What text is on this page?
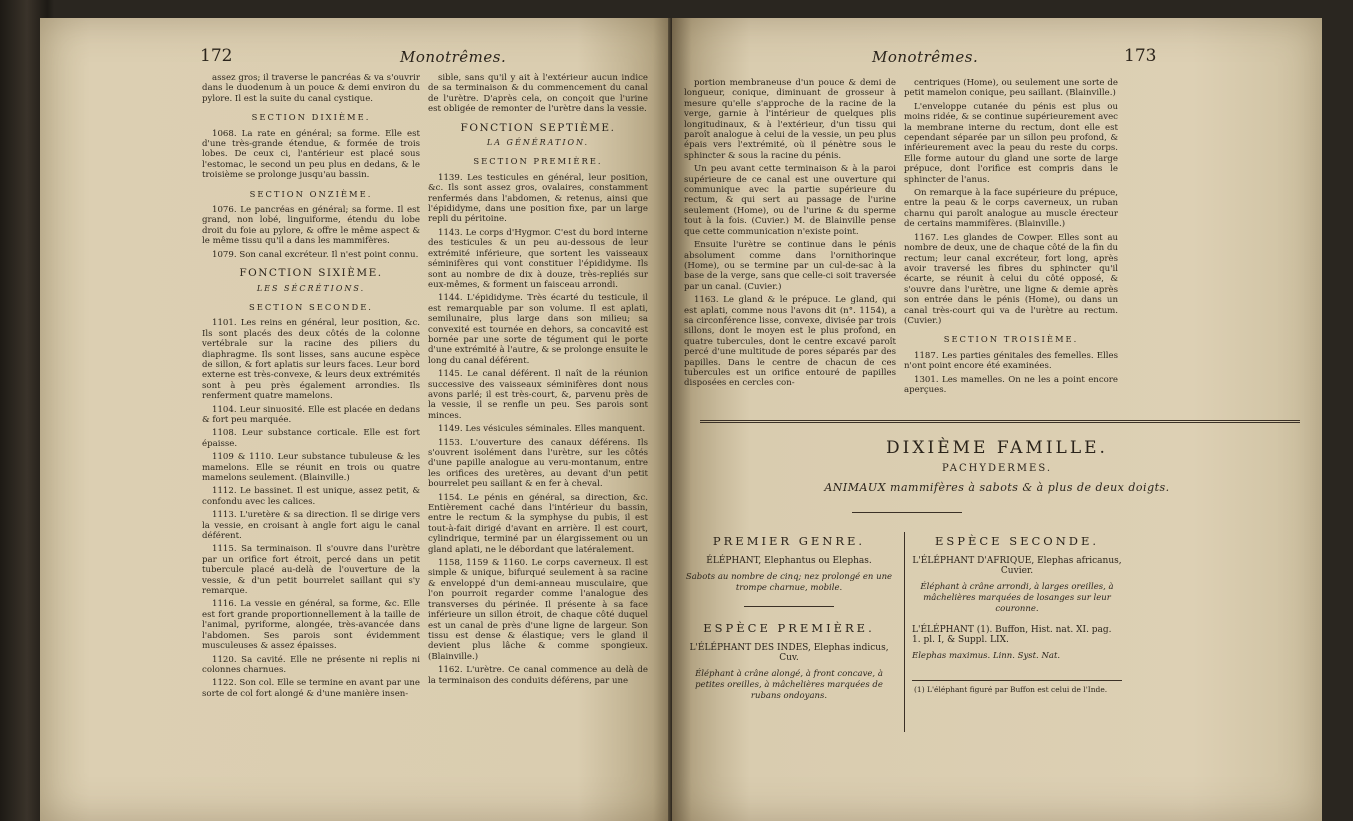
172	Monotrêmes.

assez gros; il traverse le pancréas & va s'ouvrir dans le duodenum à un pouce & demi environ du pylore. Il est la suite du canal cystique.

SECTION DIXIÈME.

1068. La rate en général; sa forme. Elle est d'une très-grande étendue, & formée de trois lobes. De ceux ci, l'antérieur est placé sous l'estomac, le second un peu plus en dedans, & le troisième se prolonge jusqu'au bassin.

SECTION ONZIÈME.

1076. Le pancréas en général; sa forme. Il est grand, non lobé, linguiforme, étendu du lobe droit du foie au pylore, & offre le même aspect & le même tissu qu'il a dans les mammifères.

1079. Son canal excréteur. Il n'est point connu.

FONCTION SIXIÈME.
LES SÉCRÉTIONS.
SECTION SECONDE.

1101. Les reins en général, leur position, &c. Ils sont placés des deux côtés de la colonne vertébrale sur la racine des piliers du diaphragme. Ils sont lisses, sans aucune espèce de sillon, & fort aplatis sur leurs faces. Leur bord externe est très-convexe, & leurs deux extrémités sont à peu près également arrondies. Ils renferment quatre mamelons.

1104. Leur sinuosité. Elle est placée en dedans & fort peu marquée.

1108. Leur substance corticale. Elle est fort épaisse.

1109 & 1110. Leur substance tubuleuse & les mamelons. Elle se réunit en trois ou quatre mamelons seulement. (Blainville.)

1112. Le bassinet. Il est unique, assez petit, & confondu avec les calices.

1113. L'uretère & sa direction. Il se dirige vers la vessie, en croisant à angle fort aigu le canal déférent.

1115. Sa terminaison. Il s'ouvre dans l'urètre par un orifice fort étroit, percé dans un petit tubercule placé au-delà de l'ouverture de la vessie, & d'un petit bourrelet saillant qui s'y remarque.

1116. La vessie en général, sa forme, &c. Elle est fort grande proportionnellement à la taille de l'animal, pyriforme, alongée, très-avancée dans l'abdomen. Ses parois sont évidemment musculeuses & assez épaisses.

1120. Sa cavité. Elle ne présente ni replis ni colonnes charnues.

1122. Son col. Elle se termine en avant par une sorte de col fort alongé & d'une manière insen-

sible, sans qu'il y ait à l'extérieur aucun indice de sa terminaison & du commencement du canal de l'urètre. D'après cela, on conçoit que l'urine est obligée de remonter de l'urètre dans la vessie.

FONCTION SEPTIÈME.
LA GÉNÉRATION.
SECTION PREMIÈRE.

1139. Les testicules en général, leur position, &c. Ils sont assez gros, ovalaires, constamment renfermés dans l'abdomen, & retenus, ainsi que l'épididyme, dans une position fixe, par un large repli du péritoine.

1143. Le corps d'Hygmor. C'est du bord interne des testicules & un peu au-dessous de leur extrémité inférieure, que sortent les vaisseaux séminifères qui vont constituer l'épididyme. Ils sont au nombre de dix à douze, très-repliés sur eux-mêmes, & forment un faisceau arrondi.

1144. L'épididyme. Très écarté du testicule, il est remarquable par son volume. Il est aplati, semilunaire, plus large dans son milieu; sa convexité est tournée en dehors, sa concavité est bornée par une sorte de tégument qui le porte d'une extrémité à l'autre, & se prolonge ensuite le long du canal déférent.

1145. Le canal déférent. Il naît de la réunion successive des vaisseaux séminifères dont nous avons parlé; il est très-court, &, parvenu près de la vessie, il se renfle un peu. Ses parois sont minces.

1149. Les vésicules séminales. Elles manquent.

1153. L'ouverture des canaux déférens. Ils s'ouvrent isolément dans l'urètre, sur les côtés d'une papille analogue au veru-montanum, entre les orifices des uretères, au devant d'un petit bourrelet peu saillant & en fer à cheval.

1154. Le pénis en général, sa direction, &c. Entièrement caché dans l'intérieur du bassin, entre le rectum & la symphyse du pubis, il est tout-à-fait dirigé d'avant en arrière. Il est court, cylindrique, terminé par un élargissement ou un gland aplati, ne le débordant que latéralement.

1158, 1159 & 1160. Le corps caverneux. Il est simple & unique, bifurqué seulement à sa racine & enveloppé d'un demi-anneau musculaire, que l'on pourroit regarder comme l'analogue des transverses du périnée. Il présente à sa face inférieure un sillon étroit, de chaque côté duquel est un canal de près d'une ligne de largeur. Son tissu est dense & élastique; vers le gland il devient plus lâche & comme spongieux. (Blainville.)

1162. L'urètre. Ce canal commence au delà de la terminaison des conduits déférens, par une

Monotrêmes.	173

portion membraneuse d'un pouce & demi de longueur, conique, diminuant de grosseur à mesure qu'elle s'approche de la racine de la verge, garnie à l'intérieur de quelques plis longitudinaux, & à l'extérieur, d'un tissu qui paroît analogue à celui de la vessie, un peu plus épais vers l'extrémité, où il pénètre sous le sphincter & sous la racine du pénis.

Un peu avant cette terminaison & à la paroi supérieure de ce canal est une ouverture qui communique avec la partie supérieure du rectum, & qui sert au passage de l'urine seulement (Home), ou de l'urine & du sperme tout à la fois. (Cuvier.) M. de Blainville pense que cette communication n'existe point.

Ensuite l'urètre se continue dans le pénis absolument comme dans l'ornithorinque (Home), ou se termine par un cul-de-sac à la base de la verge, sans que celle-ci soit traversée par un canal. (Cuvier.)

1163. Le gland & le prépuce. Le gland, qui est aplati, comme nous l'avons dit (n°. 1154), a sa circonférence lisse, convexe, divisée par trois sillons, dont le moyen est le plus profond, en quatre tubercules, dont le centre excavé paroît percé d'une multitude de pores séparés par des papilles. Dans le centre de chacun de ces tubercules est un orifice entouré de papilles disposées en cercles con-

centriques (Home), ou seulement une sorte de petit mamelon conique, peu saillant. (Blainville.)

L'enveloppe cutanée du pénis est plus ou moins ridée, & se continue supérieurement avec la membrane interne du rectum, dont elle est cependant séparée par un sillon peu profond, & inférieurement avec la peau du reste du corps. Elle forme autour du gland une sorte de large prépuce, dont l'orifice est compris dans le sphincter de l'anus.

On remarque à la face supérieure du prépuce, entre la peau & le corps caverneux, un ruban charnu qui paroît analogue au muscle érecteur de certains mammifères. (Blainville.)

1167. Les glandes de Cowper. Elles sont au nombre de deux, une de chaque côté de la fin du rectum; leur canal excréteur, fort long, après avoir traversé les fibres du sphincter qu'il écarte, se réunit à celui du côté opposé, & s'ouvre dans l'urètre, une ligne & demie après son entrée dans le pénis (Home), ou dans un canal très-court qui va de l'urètre au rectum. (Cuvier.)

SECTION TROISIÈME.

1187. Les parties génitales des femelles. Elles n'ont point encore été examinées.

1301. Les mamelles. On ne les a point encore aperçues.

DIXIÈME FAMILLE.
PACHYDERMES.
ANIMAUX mammifères à sabots & à plus de deux doigts.
PREMIER GENRE.
ÉLÉPHANT, Elephantus ou Elephas.
Sabots au nombre de cinq; nez prolongé en une trompe charnue, mobile.
ESPÈCE PREMIÈRE.
L'ÉLÉPHANT DES INDES, Elephas indicus, Cuv.
Éléphant à crâne alongé, à front concave, à petites oreilles, à mâchelières marquées de rubans ondoyans.
ESPÈCE SECONDE.
L'ÉLÉPHANT D'AFRIQUE, Elephas africanus, Cuvier.
Éléphant à crâne arrondi, à larges oreilles, à mâchelières marquées de losanges sur leur couronne.
L'ÉLÉPHANT (1). Buffon, Hist. nat. XI. pag. 1. pl. I, & Suppl. LIX.
Elephas maximus. Linn. Syst. Nat.
(1) L'éléphant figuré par Buffon est celui de l'Inde.
